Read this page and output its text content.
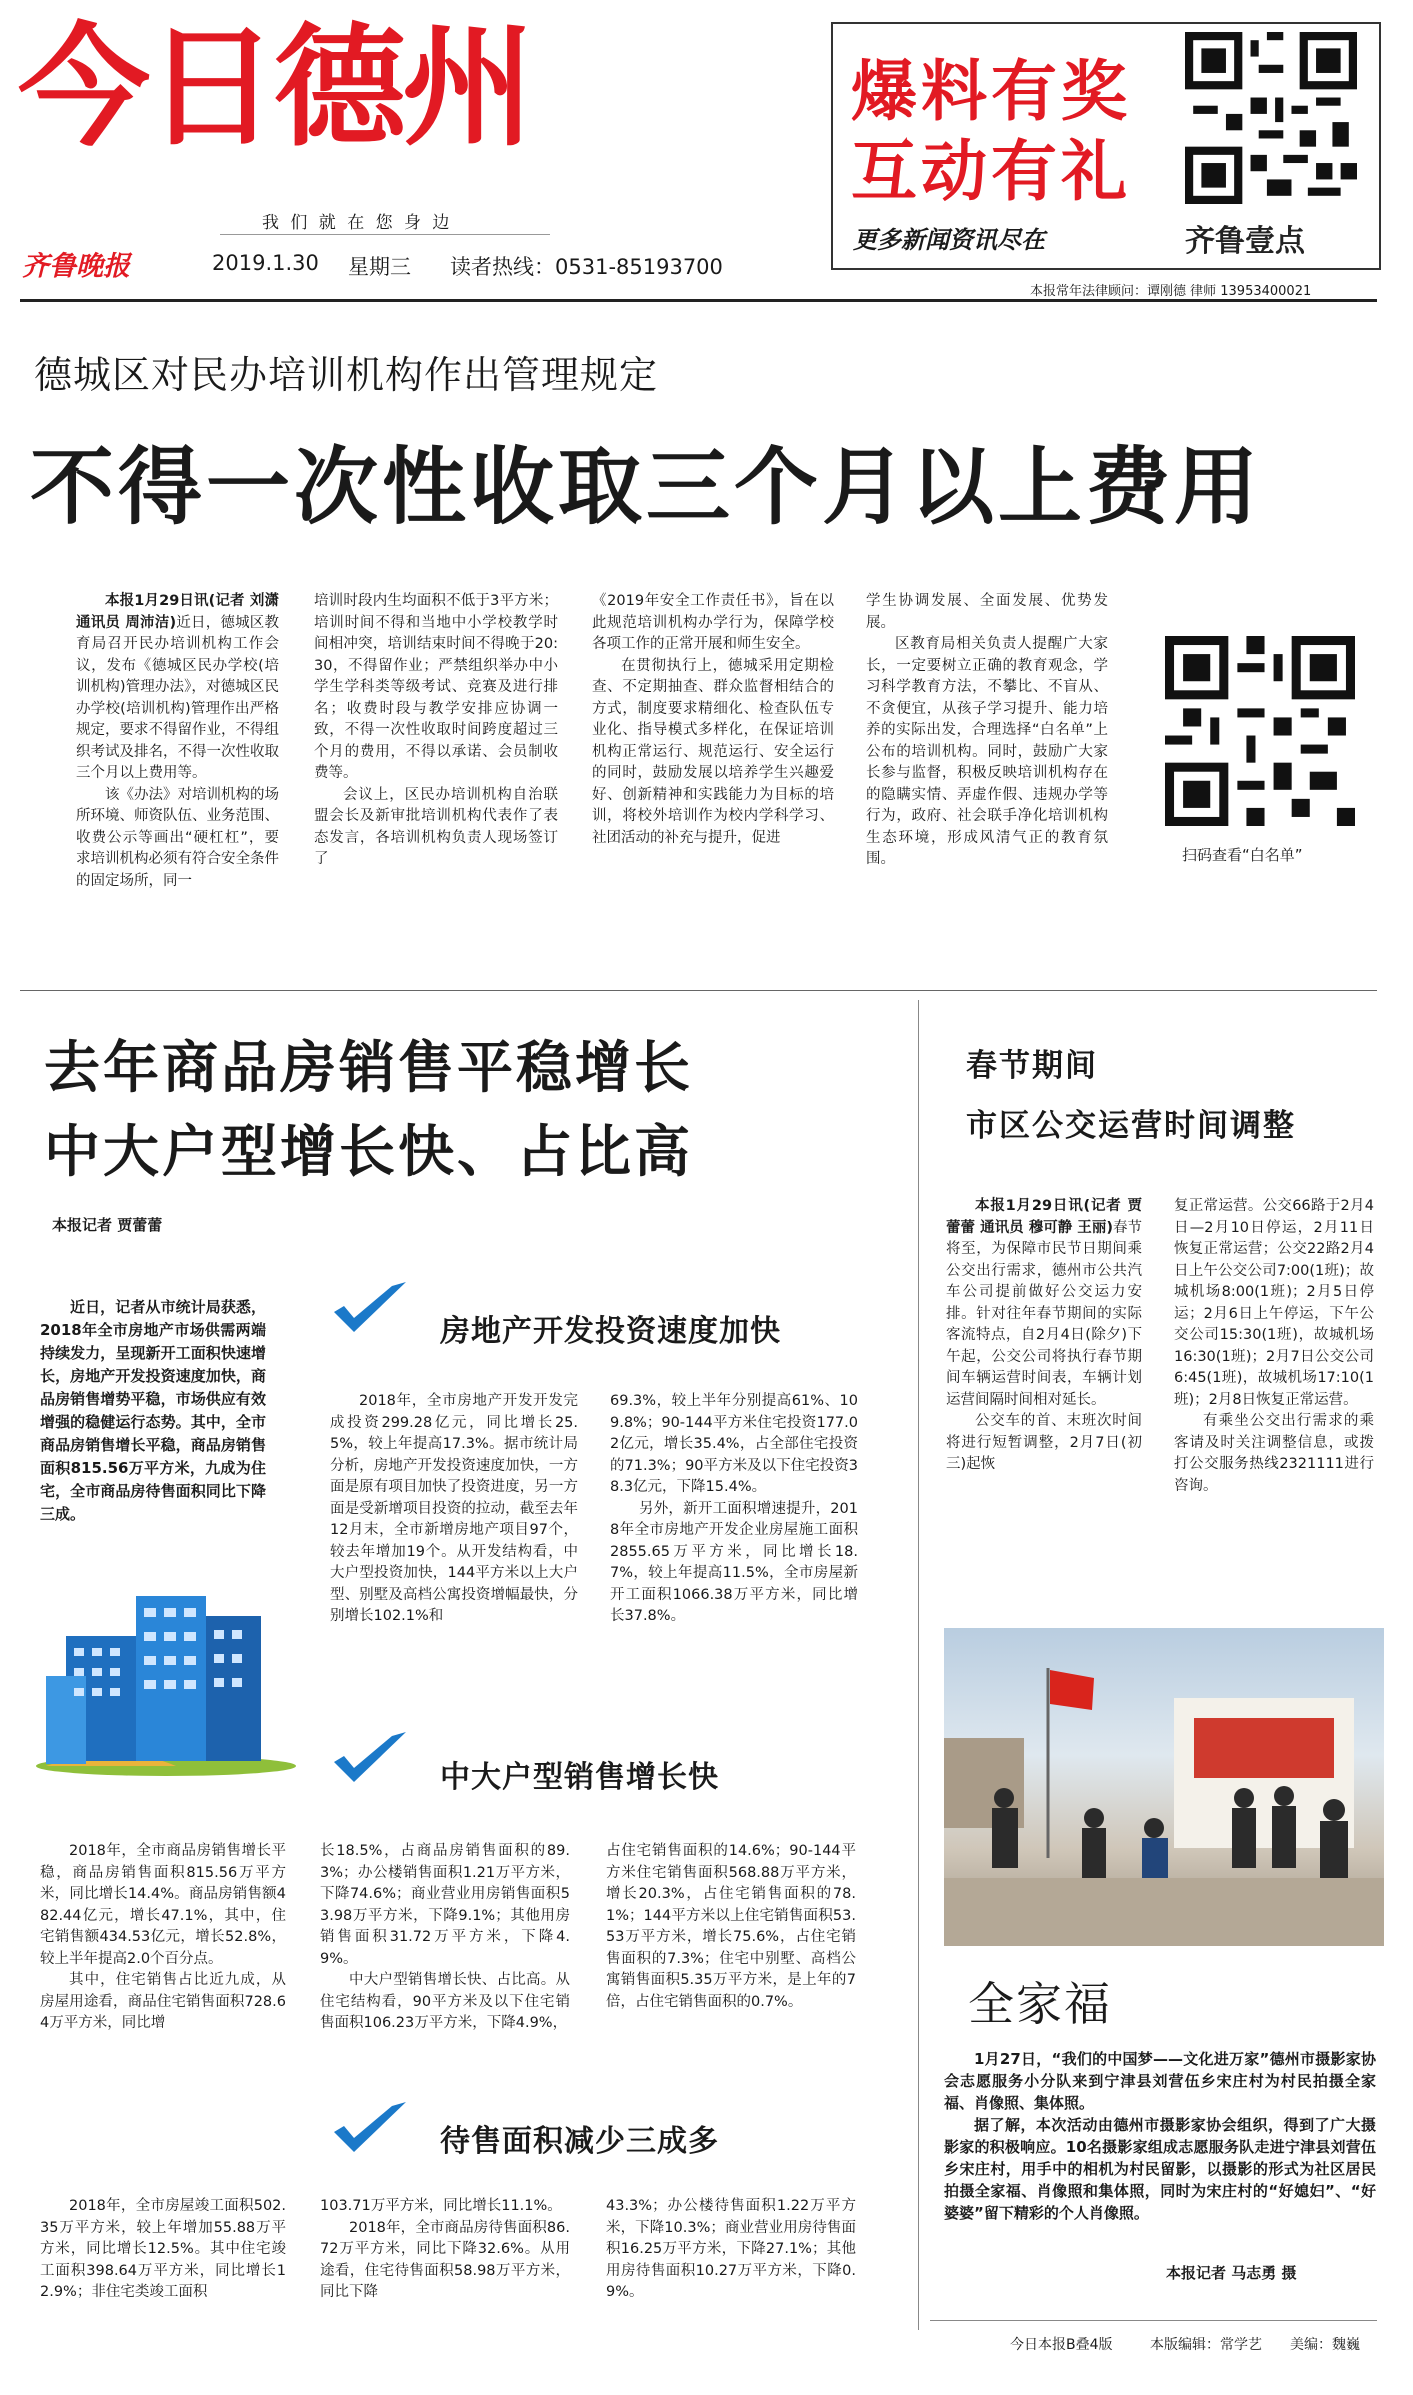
今日德州
我 们 就 在 您 身 边
齐鲁晚报	2019.1.30 星期三 读者热线：0531-85193700
爆料有奖
互动有礼
更多新闻资讯尽在	齐鲁壹点
本报常年法律顾问：谭刚德 律师 13953400021
德城区对民办培训机构作出管理规定
不得一次性收取三个月以上费用

本报1月29日讯(记者 刘潇 通讯员 周沛洁)近日，德城区教育局召开民办培训机构工作会议，发布《德城区民办学校(培训机构)管理办法》，对德城区民办学校(培训机构)管理作出严格规定，要求不得留作业，不得组织考试及排名，不得一次性收取三个月以上费用等。

该《办法》对培训机构的场所环境、师资队伍、业务范围、收费公示等画出“硬杠杠”，要求培训机构必须有符合安全条件的固定场所，同一

培训时段内生均面积不低于3平方米；培训时间不得和当地中小学校教学时间相冲突，培训结束时间不得晚于20:30，不得留作业；严禁组织举办中小学生学科类等级考试、竞赛及进行排名；收费时段与教学安排应协调一致，不得一次性收取时间跨度超过三个月的费用，不得以承诺、会员制收费等。

会议上，区民办培训机构自治联盟会长及新审批培训机构代表作了表态发言，各培训机构负责人现场签订了

《2019年安全工作责任书》，旨在以此规范培训机构办学行为，保障学校各项工作的正常开展和师生安全。

在贯彻执行上，德城采用定期检查、不定期抽查、群众监督相结合的方式，制度要求精细化、检查队伍专业化、指导模式多样化，在保证培训机构正常运行、规范运行、安全运行的同时，鼓励发展以培养学生兴趣爱好、创新精神和实践能力为目标的培训，将校外培训作为校内学科学习、社团活动的补充与提升，促进

学生协调发展、全面发展、优势发展。

区教育局相关负责人提醒广大家长，一定要树立正确的教育观念，学习科学教育方法，不攀比、不盲从、不贪便宜，从孩子学习提升、能力培养的实际出发，合理选择“白名单”上公布的培训机构。同时，鼓励广大家长参与监督，积极反映培训机构存在的隐瞒实情、弄虚作假、违规办学等行为，政府、社会联手净化培训机构生态环境，形成风清气正的教育氛围。	扫码查看“白名单”
去年商品房销售平稳增长
中大户型增长快、占比高
本报记者 贾蕾蕾

近日，记者从市统计局获悉，2018年全市房地产市场供需两端持续发力，呈现新开工面积快速增长，房地产开发投资速度加快，商品房销售增势平稳，市场供应有效增强的稳健运行态势。其中，全市商品房销售增长平稳，商品房销售面积815.56万平方米，九成为住宅，全市商品房待售面积同比下降三成。

房地产开发投资速度加快

2018年，全市房地产开发开发完成投资299.28亿元，同比增长25.5%，较上年提高17.3%。据市统计局分析，房地产开发投资速度加快，一方面是原有项目加快了投资进度，另一方面是受新增项目投资的拉动，截至去年12月末，全市新增房地产项目97个，较去年增加19个。从开发结构看，中大户型投资加快，144平方米以上大户型、别墅及高档公寓投资增幅最快，分别增长102.1%和

69.3%，较上半年分别提高61%、109.8%；90-144平方米住宅投资177.02亿元，增长35.4%，占全部住宅投资的71.3%；90平方米及以下住宅投资38.3亿元，下降15.4%。

另外，新开工面积增速提升，2018年全市房地产开发企业房屋施工面积2855.65万平方米，同比增长18.7%，较上年提高11.5%，全市房屋新开工面积1066.38万平方米，同比增长37.8%。

中大户型销售增长快

2018年，全市商品房销售增长平稳，商品房销售面积815.56万平方米，同比增长14.4%。商品房销售额482.44亿元，增长47.1%，其中，住宅销售额434.53亿元，增长52.8%，较上半年提高2.0个百分点。

其中，住宅销售占比近九成，从房屋用途看，商品住宅销售面积728.64万平方米，同比增

长18.5%，占商品房销售面积的89.3%；办公楼销售面积1.21万平方米，下降74.6%；商业营业用房销售面积53.98万平方米，下降9.1%；其他用房销售面积31.72万平方米，下降4.9%。

中大户型销售增长快、占比高。从住宅结构看，90平方米及以下住宅销售面积106.23万平方米，下降4.9%，

占住宅销售面积的14.6%；90-144平方米住宅销售面积568.88万平方米，增长20.3%，占住宅销售面积的78.1%；144平方米以上住宅销售面积53.53万平方米，增长75.6%，占住宅销售面积的7.3%；住宅中别墅、高档公寓销售面积5.35万平方米，是上年的7倍，占住宅销售面积的0.7%。

待售面积减少三成多

2018年，全市房屋竣工面积502.35万平方米，较上年增加55.88万平方米，同比增长12.5%。其中住宅竣工面积398.64万平方米，同比增长12.9%；非住宅类竣工面积

103.71万平方米，同比增长11.1%。

2018年，全市商品房待售面积86.72万平方米，同比下降32.6%。从用途看，住宅待售面积58.98万平方米，同比下降

43.3%；办公楼待售面积1.22万平方米，下降10.3%；商业营业用房待售面积16.25万平方米，下降27.1%；其他用房待售面积10.27万平方米，下降0.9%。

春节期间
市区公交运营时间调整

本报1月29日讯(记者 贾蕾蕾 通讯员 穆可静 王丽)春节将至，为保障市民节日期间乘公交出行需求，德州市公共汽车公司提前做好公交运力安排。针对往年春节期间的实际客流特点，自2月4日(除夕)下午起，公交公司将执行春节期间车辆运营时间表，车辆计划运营间隔时间相对延长。

公交车的首、末班次时间将进行短暂调整，2月7日(初三)起恢

复正常运营。公交66路于2月4日—2月10日停运，2月11日恢复正常运营；公交22路2月4日上午公交公司7:00(1班)；故城机场8:00(1班)；2月5日停运；2月6日上午停运，下午公交公司15:30(1班)，故城机场16:30(1班)；2月7日公交公司6:45(1班)，故城机场17:10(1班)；2月8日恢复正常运营。

有乘坐公交出行需求的乘客请及时关注调整信息，或拨打公交服务热线2321111进行咨询。

全家福

1月27日，“我们的中国梦——文化进万家”德州市摄影家协会志愿服务小分队来到宁津县刘营伍乡宋庄村为村民拍摄全家福、肖像照、集体照。

据了解，本次活动由德州市摄影家协会组织，得到了广大摄影家的积极响应。10名摄影家组成志愿服务队走进宁津县刘营伍乡宋庄村，用手中的相机为村民留影，以摄影的形式为社区居民拍摄全家福、肖像照和集体照，同时为宋庄村的“好媳妇”、“好婆婆”留下精彩的个人肖像照。

本报记者 马志勇 摄
今日本报B叠4版	本版编辑：常学艺 美编：魏巍
